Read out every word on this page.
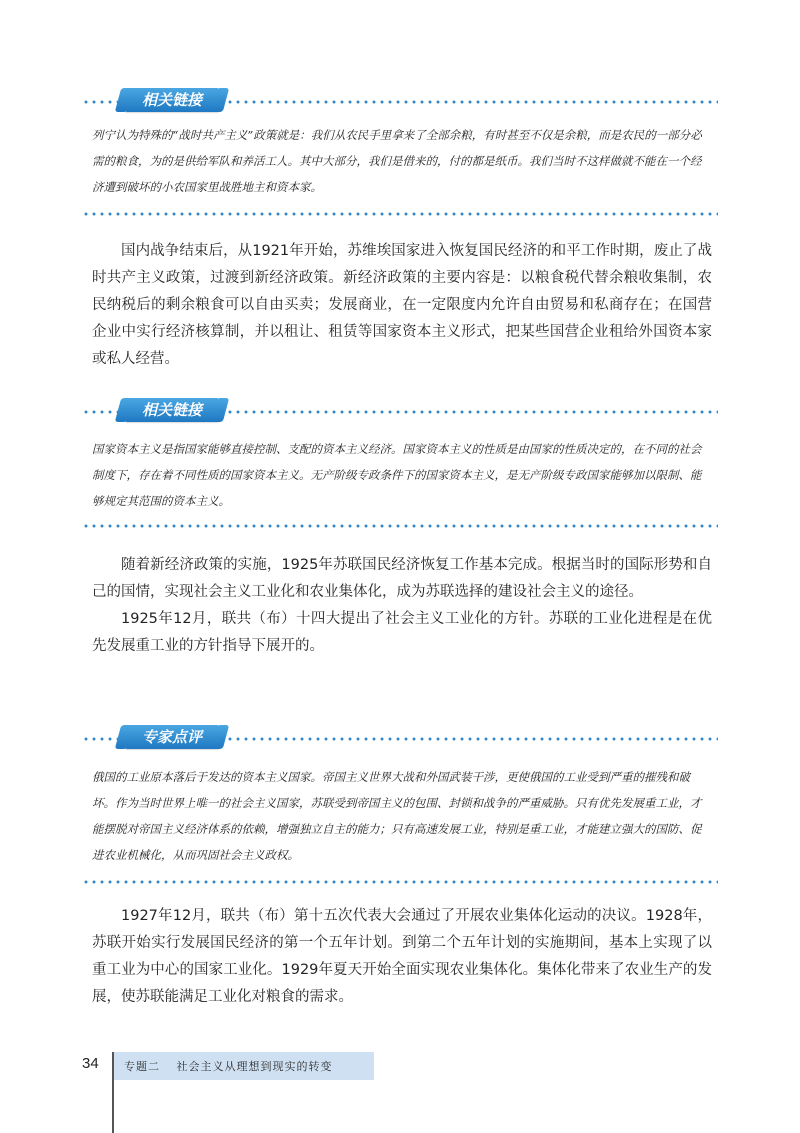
相关链接
列宁认为特殊的“战时共产主义”政策就是：我们从农民手里拿来了全部余粮，有时甚至不仅是余粮，而是农民的一部分必需的粮食，为的是供给军队和养活工人。其中大部分，我们是借来的，付的都是纸币。我们当时不这样做就不能在一个经济遭到破坏的小农国家里战胜地主和资本家。

国内战争结束后，从1921年开始，苏维埃国家进入恢复国民经济的和平工作时期，废止了战时共产主义政策，过渡到新经济政策。新经济政策的主要内容是：以粮食税代替余粮收集制，农民纳税后的剩余粮食可以自由买卖；发展商业，在一定限度内允许自由贸易和私商存在；在国营企业中实行经济核算制，并以租让、租赁等国家资本主义形式，把某些国营企业租给外国资本家或私人经营。

相关链接
国家资本主义是指国家能够直接控制、支配的资本主义经济。国家资本主义的性质是由国家的性质决定的，在不同的社会制度下，存在着不同性质的国家资本主义。无产阶级专政条件下的国家资本主义，是无产阶级专政国家能够加以限制、能够规定其范围的资本主义。

随着新经济政策的实施，1925年苏联国民经济恢复工作基本完成。根据当时的国际形势和自己的国情，实现社会主义工业化和农业集体化，成为苏联选择的建设社会主义的途径。

1925年12月，联共（布）十四大提出了社会主义工业化的方针。苏联的工业化进程是在优先发展重工业的方针指导下展开的。

专家点评
俄国的工业原本落后于发达的资本主义国家。帝国主义世界大战和外国武装干涉，更使俄国的工业受到严重的摧残和破坏。作为当时世界上唯一的社会主义国家，苏联受到帝国主义的包围、封锁和战争的严重威胁。只有优先发展重工业，才能摆脱对帝国主义经济体系的依赖，增强独立自主的能力；只有高速发展工业，特别是重工业，才能建立强大的国防、促进农业机械化，从而巩固社会主义政权。

1927年12月，联共（布）第十五次代表大会通过了开展农业集体化运动的决议。1928年，苏联开始实行发展国民经济的第一个五年计划。到第二个五年计划的实施期间，基本上实现了以重工业为中心的国家工业化。1929年夏天开始全面实现农业集体化。集体化带来了农业生产的发展，使苏联能满足工业化对粮食的需求。

34	专题二 社会主义从理想到现实的转变
